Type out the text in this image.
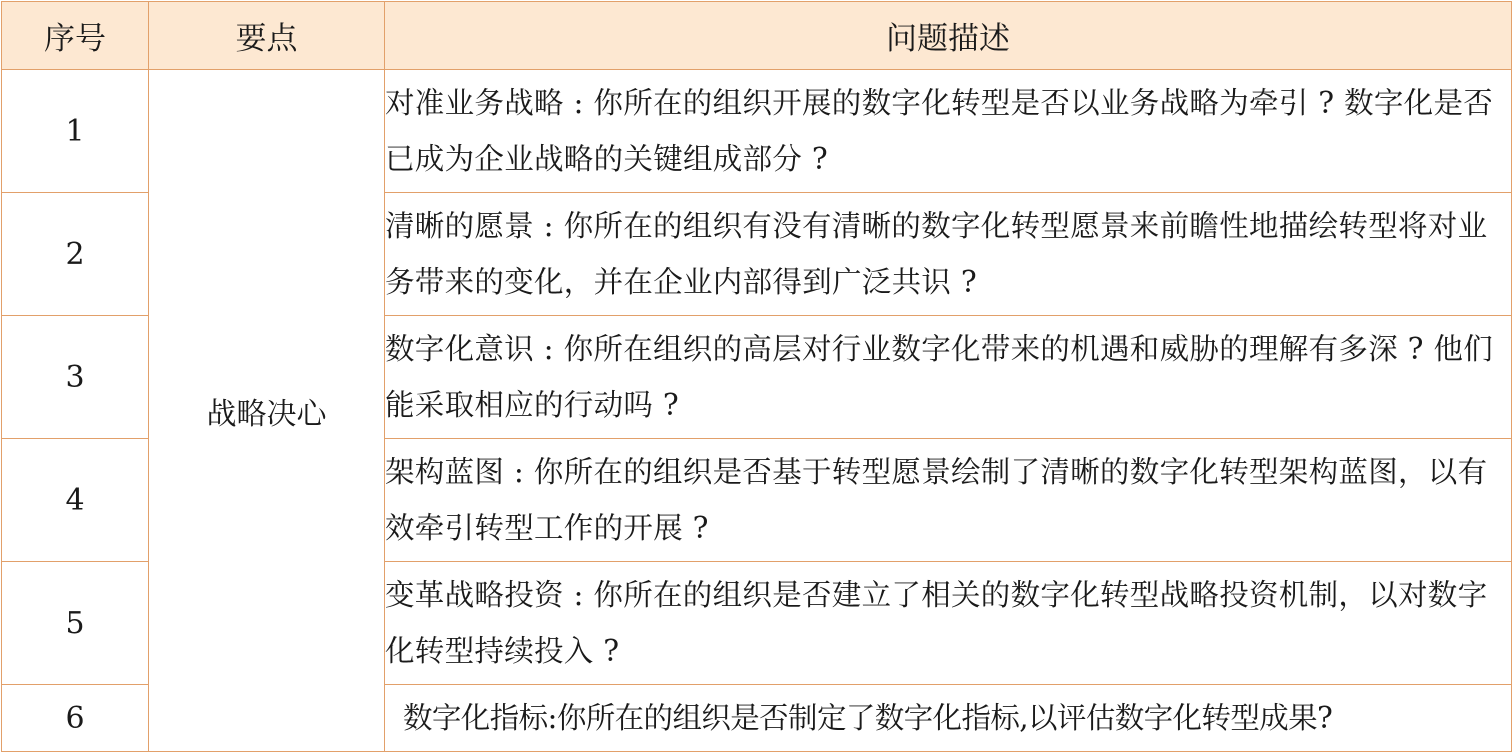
序号	要点	问题描述
1	战略决心	对准业务战略 : 你所在的组织开展的数字化转型是否以业务战略为牵引 ? 数字化是否已成为企业战略的关键组成部分 ?
2		清晰的愿景 : 你所在的组织有没有清晰的数字化转型愿景来前瞻性地描绘转型将对业务带来的变化，并在企业内部得到广泛共识 ?
3		数字化意识 : 你所在组织的高层对行业数字化带来的机遇和威胁的理解有多深 ? 他们能采取相应的行动吗 ?
4		架构蓝图 : 你所在的组织是否基于转型愿景绘制了清晰的数字化转型架构蓝图，以有效牵引转型工作的开展 ?
5		变革战略投资 : 你所在的组织是否建立了相关的数字化转型战略投资机制，以对数字化转型持续投入 ?
6		数字化指标:你所在的组织是否制定了数字化指标,以评估数字化转型成果?
